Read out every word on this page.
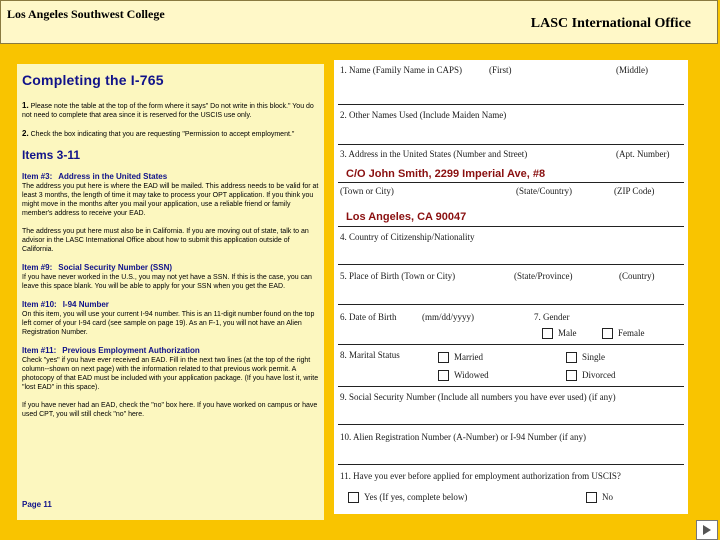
Los Angeles Southwest College
LASC International Office
Completing the I-765

1. Please note the table at the top of the form where it says" Do not write in this block." You do not need to complete that area since it is reserved for the USCIS use only.

2. Check the box indicating that you are requesting "Permission to accept employment."

Items 3-11
Item #3: Address in the United States

The address you put here is where the EAD will be mailed. This address needs to be valid for at least 3 months, the length of time it may take to process your OPT application. If you think you might move in the months after you mail your application, use a reliable friend or family member's address to receive your EAD.

The address you put here must also be in California. If you are moving out of state, talk to an advisor in the LASC International Office about how to submit this application outside of California.

Item #9: Social Security Number (SSN)

If you have never worked in the U.S., you may not yet have a SSN. If this is the case, you can leave this space blank. You will be able to apply for your SSN when you get the EAD.

Item #10: I-94 Number

On this item, you will use your current I-94 number. This is an 11-digit number found on the top left corner of your I-94 card (see sample on page 19). As an F-1, you will not have an Alien Registration Number.

Item #11: Previous Employment Authorization

Check "yes" if you have ever received an EAD. Fill in the next two lines (at the top of the right column--shown on next page) with the information related to that previous work permit. A photocopy of that EAD must be included with your application package. (If you have lost it, write "lost EAD" in this space).

If you have never had an EAD, check the "no" box here. If you have worked on campus or have used CPT, you will still check "no" here.

Page 11
1. Name (Family Name in CAPS)	(First)	(Middle)
2. Other Names Used (Include Maiden Name)
3. Address in the United States (Number and Street)	(Apt. Number)
C/O John Smith, 2299 Imperial Ave, #8
(Town or City)	(State/Country)	(ZIP Code)
Los Angeles, CA 90047
4. Country of Citizenship/Nationality
5. Place of Birth (Town or City)	(State/Province)	(Country)
6. Date of Birth	(mm/dd/yyyy)	7. Gender
Male	Female
8. Marital Status	Married	Single
Widowed	Divorced
9. Social Security Number (Include all numbers you have ever used) (if any)
10. Alien Registration Number (A-Number) or I-94 Number (if any)
11. Have you ever before applied for employment authorization from USCIS?
Yes (If yes, complete below)	No
